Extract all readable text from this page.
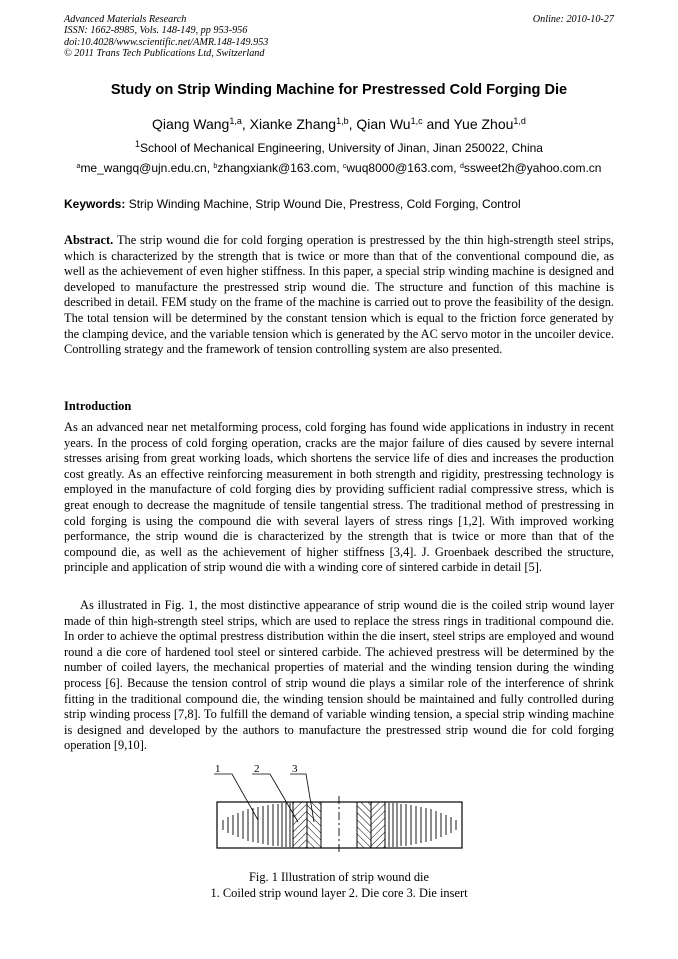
Advanced Materials Research
ISSN: 1662-8985, Vols. 148-149, pp 953-956
doi:10.4028/www.scientific.net/AMR.148-149.953
© 2011 Trans Tech Publications Ltd, Switzerland
Online: 2010-10-27
Study on Strip Winding Machine for Prestressed Cold Forging Die
Qiang Wang$^{1,a}$, Xianke Zhang$^{1,b}$, Qian Wu$^{1,c}$ and Yue Zhou$^{1,d}$
$^1$School of Mechanical Engineering, University of Jinan, Jinan 250022, China
$^a$me_wangq@ujn.edu.cn, $^b$zhangxiank@163.com, $^c$wuq8000@163.com, $^d$ssweet2h@yahoo.com.cn
Keywords: Strip Winding Machine, Strip Wound Die, Prestress, Cold Forging, Control
Abstract. The strip wound die for cold forging operation is prestressed by the thin high-strength steel strips, which is characterized by the strength that is twice or more than that of the conventional compound die, as well as the achievement of even higher stiffness. In this paper, a special strip winding machine is designed and developed to manufacture the prestressed strip wound die. The structure and function of this machine is described in detail. FEM study on the frame of the machine is carried out to prove the feasibility of the design. The total tension will be determined by the constant tension which is equal to the friction force generated by the clamping device, and the variable tension which is generated by the AC servo motor in the uncoiler device. Controlling strategy and the framework of tension controlling system are also presented.
Introduction
As an advanced near net metalforming process, cold forging has found wide applications in industry in recent years. In the process of cold forging operation, cracks are the major failure of dies caused by severe internal stresses arising from great working loads, which shortens the service life of dies and increases the production cost greatly. As an effective reinforcing measurement in both strength and rigidity, prestressing technology is employed in the manufacture of cold forging dies by providing sufficient radial compressive stress, which is great enough to decrease the magnitude of tensile tangential stress. The traditional method of prestressing in cold forging is using the compound die with several layers of stress rings [1,2]. With improved working performance, the strip wound die is characterized by the strength that is twice or more than that of the compound die, as well as the achievement of higher stiffness [3,4]. J. Groenbaek described the structure, principle and application of strip wound die with a winding core of sintered carbide in detail [5].
As illustrated in Fig. 1, the most distinctive appearance of strip wound die is the coiled strip wound layer made of thin high-strength steel strips, which are used to replace the stress rings in traditional compound die. In order to achieve the optimal prestress distribution within the die insert, steel strips are employed and wound round a die core of hardened tool steel or sintered carbide. The achieved prestress will be determined by the number of coiled layers, the mechanical properties of material and the winding tension during the winding process [6]. Because the tension control of strip wound die plays a similar role of the interference of shrink fitting in the traditional compound die, the winding tension should be maintained and fully controlled during strip winding process [7,8]. To fulfill the demand of variable winding tension, a special strip winding machine is designed and developed by the authors to manufacture the prestressed strip wound die for cold forging operation [9,10].
1	2	3
Fig. 1 Illustration of strip wound die
1. Coiled strip wound layer 2. Die core 3. Die insert
